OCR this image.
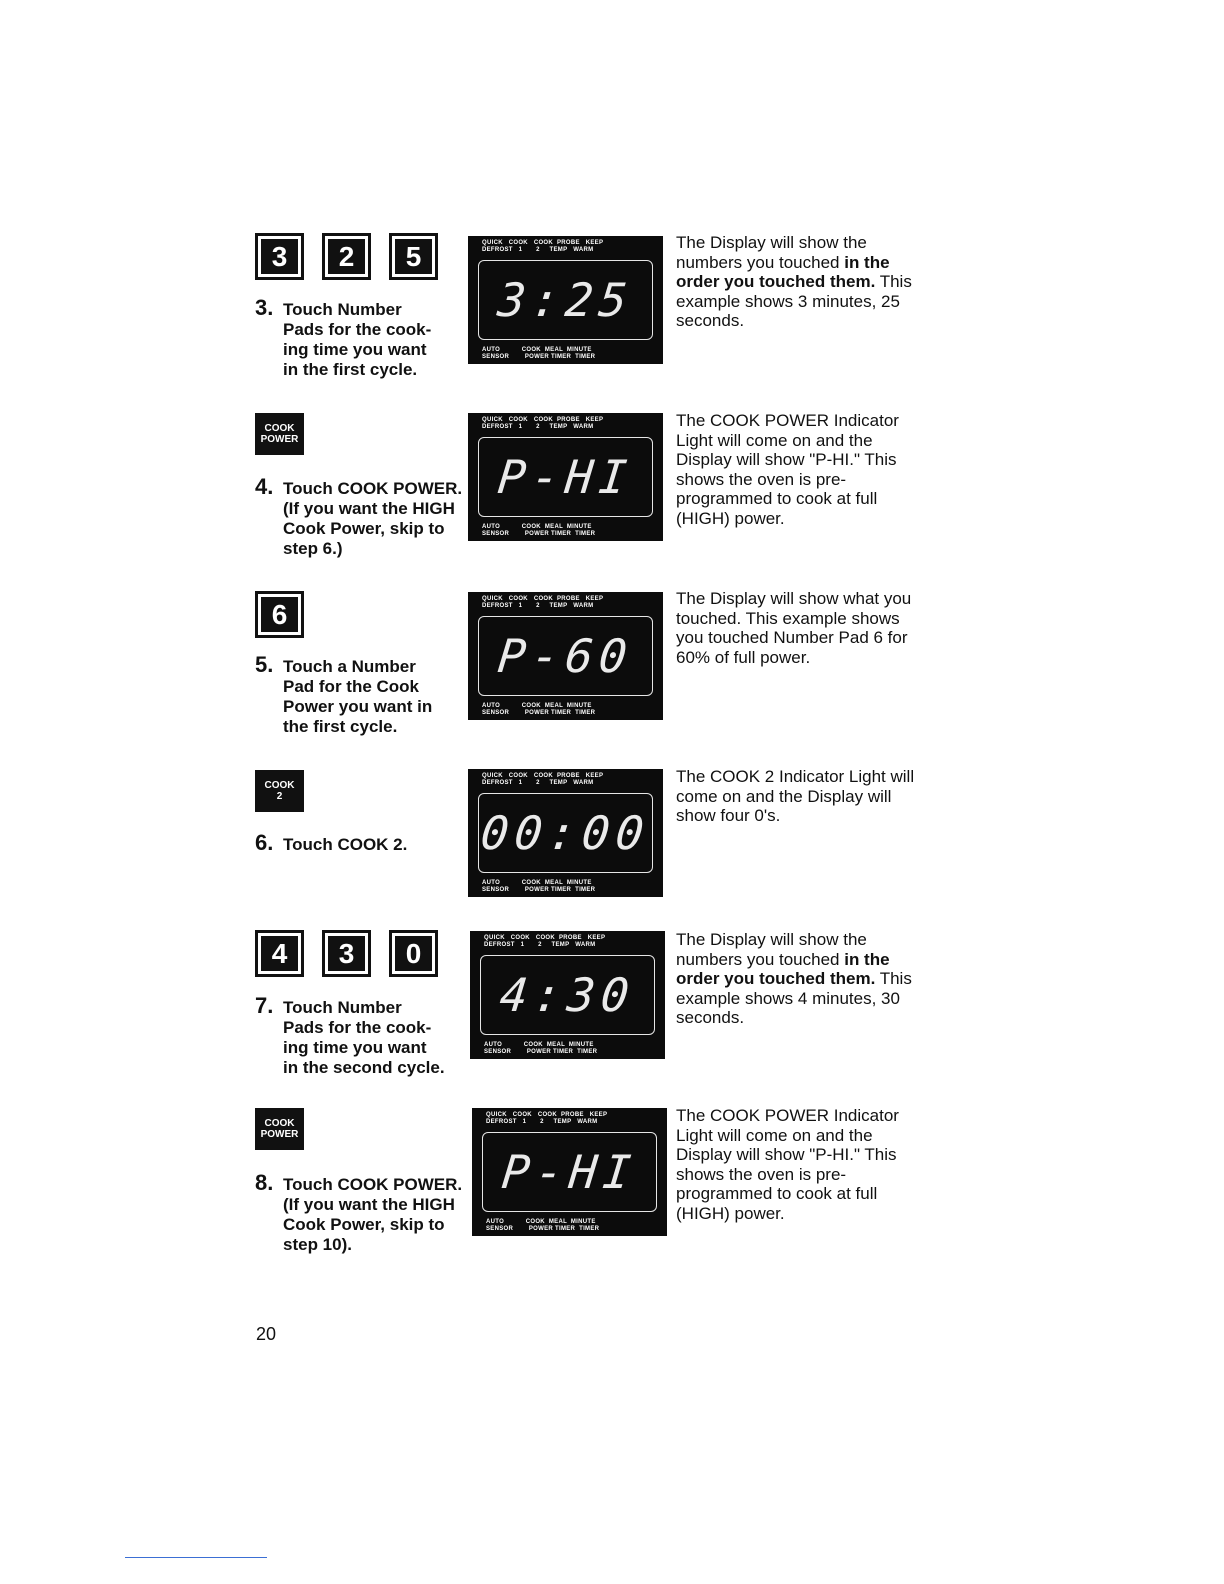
3	2	5
3. Touch Number
Pads for the cook-
ing time you want
in the first cycle.
QUICK   COOK   COOK  PROBE   KEEP
DEFROST   1       2     TEMP   WARM
3:25
AUTO           COOK  MEAL  MINUTE
SENSOR        POWER TIMER  TIMER
The Display will show the numbers you touched in the order you touched them. This example shows 3 minutes, 25 seconds.
COOK
POWER
4. Touch COOK POWER.
(If you want the HIGH
Cook Power, skip to
step 6.)
QUICK   COOK   COOK  PROBE   KEEP
DEFROST   1       2     TEMP   WARM
P-HI
AUTO           COOK  MEAL  MINUTE
SENSOR        POWER TIMER  TIMER
The COOK POWER Indicator Light will come on and the Display will show "P-HI." This shows the oven is pre-programmed to cook at full (HIGH) power.
6
5. Touch a Number
Pad for the Cook
Power you want in
the first cycle.
QUICK   COOK   COOK  PROBE   KEEP
DEFROST   1       2     TEMP   WARM
P-60
AUTO           COOK  MEAL  MINUTE
SENSOR        POWER TIMER  TIMER
The Display will show what you touched. This example shows you touched Number Pad 6 for 60% of full power.
COOK
2
6. Touch COOK 2.
QUICK   COOK   COOK  PROBE   KEEP
DEFROST   1       2     TEMP   WARM
00:00
AUTO           COOK  MEAL  MINUTE
SENSOR        POWER TIMER  TIMER
The COOK 2 Indicator Light will come on and the Display will show four 0's.
4	3	0
7. Touch Number
Pads for the cook-
ing time you want
in the second cycle.
QUICK   COOK   COOK  PROBE   KEEP
DEFROST   1       2     TEMP   WARM
4:30
AUTO           COOK  MEAL  MINUTE
SENSOR        POWER TIMER  TIMER
The Display will show the numbers you touched in the order you touched them. This example shows 4 minutes, 30 seconds.
COOK
POWER
8. Touch COOK POWER.
(If you want the HIGH
Cook Power, skip to
step 10).
QUICK   COOK   COOK  PROBE   KEEP
DEFROST   1       2     TEMP   WARM
P-HI
AUTO           COOK  MEAL  MINUTE
SENSOR        POWER TIMER  TIMER
The COOK POWER Indicator Light will come on and the Display will show "P-HI." This shows the oven is pre-programmed to cook at full (HIGH) power.
20
